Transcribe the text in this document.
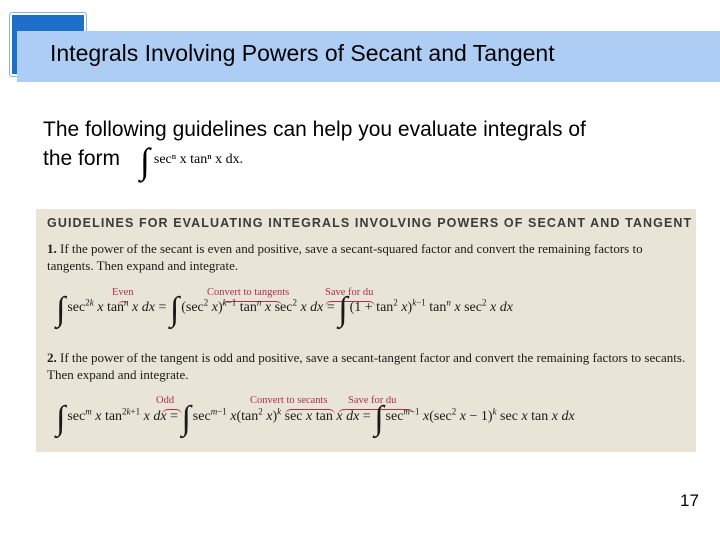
Integrals Involving Powers of Secant and Tangent
The following guidelines can help you evaluate integrals of
the form ∫ secⁿ x tanⁿ x dx.
GUIDELINES FOR EVALUATING INTEGRALS INVOLVING POWERS OF SECANT AND TANGENT
1. If the power of the secant is even and positive, save a secant-squared factor and convert the remaining factors to tangents. Then expand and integrate.
2. If the power of the tangent is odd and positive, save a secant-tangent factor and convert the remaining factors to secants. Then expand and integrate.
Even	Convert to tangents	Save for du
∫ $\sec^{2k} x$ $\tan^n x$ dx = ∫ ($\sec^2$ x)$^{k-1}$ $\tan^n x$ $\sec^2 x$ dx = ∫ $(1 + \tan^2 x)^{k-1}$ $\tan^n x$ $\sec^2 x$ dx
Odd	Convert to secants Save for du
∫ $\sec^m x$ $\tan^{2k+1} x$ dx = ∫ $\sec^{m-1} x(\tan^2$ x)$^k$ sec x tan x dx = ∫ $\sec^{m-1} x(\sec^2$ x − 1)$^k$ sec x tan x dx
17
